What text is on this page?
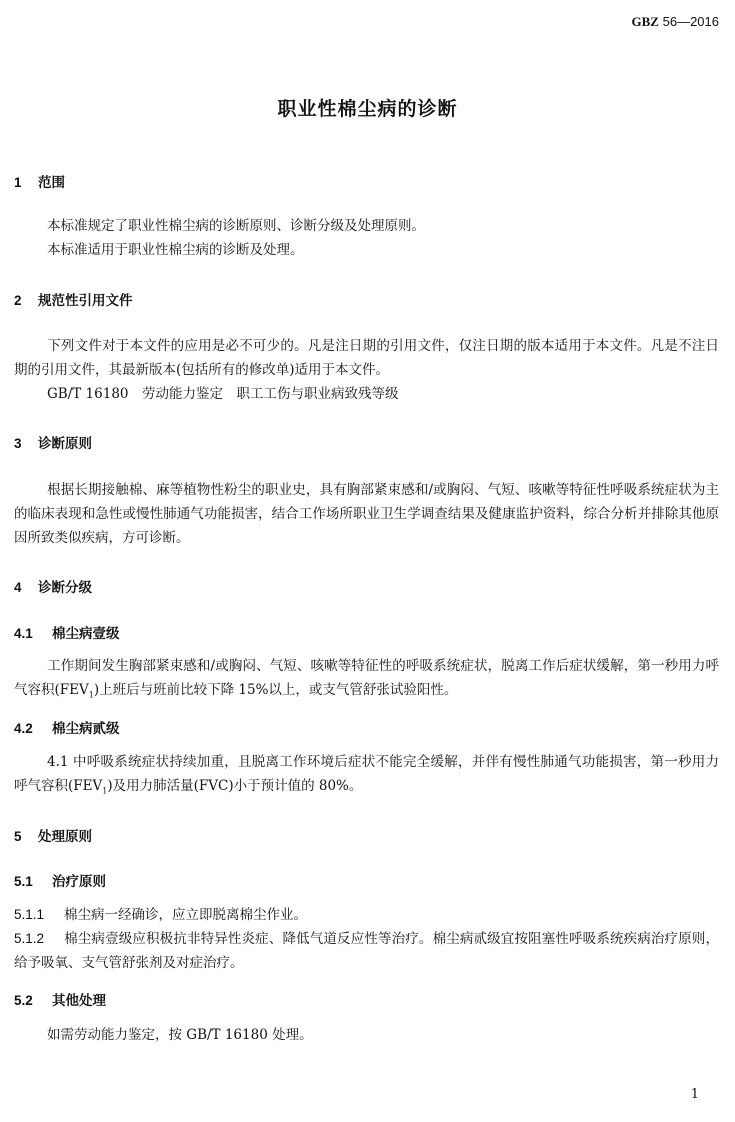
GBZ 56—2016
职业性棉尘病的诊断
1 范围
本标准规定了职业性棉尘病的诊断原则、诊断分级及处理原则。
本标准适用于职业性棉尘病的诊断及处理。
2 规范性引用文件
下列文件对于本文件的应用是必不可少的。凡是注日期的引用文件，仅注日期的版本适用于本文件。凡是不注日期的引用文件，其最新版本(包括所有的修改单)适用于本文件。
GB/T 16180　劳动能力鉴定　职工工伤与职业病致残等级
3 诊断原则
根据长期接触棉、麻等植物性粉尘的职业史，具有胸部紧束感和/或胸闷、气短、咳嗽等特征性呼吸系统症状为主的临床表现和急性或慢性肺通气功能损害，结合工作场所职业卫生学调查结果及健康监护资料，综合分析并排除其他原因所致类似疾病，方可诊断。
4 诊断分级
4.1 棉尘病壹级
工作期间发生胸部紧束感和/或胸闷、气短、咳嗽等特征性的呼吸系统症状，脱离工作后症状缓解，第一秒用力呼气容积$(FEV_1)$上班后与班前比较下降 15%以上，或支气管舒张试验阳性。
4.2 棉尘病贰级
4.1 中呼吸系统症状持续加重，且脱离工作环境后症状不能完全缓解，并伴有慢性肺通气功能损害，第一秒用力呼气容积$(FEV_1)$及用力肺活量(FVC)小于预计值的 80%。
5 处理原则
5.1 治疗原则
5.1.1 棉尘病一经确诊，应立即脱离棉尘作业。
5.1.2 棉尘病壹级应积极抗非特异性炎症、降低气道反应性等治疗。棉尘病贰级宜按阻塞性呼吸系统疾病治疗原则，给予吸氧、支气管舒张剂及对症治疗。
5.2 其他处理
如需劳动能力鉴定，按 GB/T 16180 处理。
1
